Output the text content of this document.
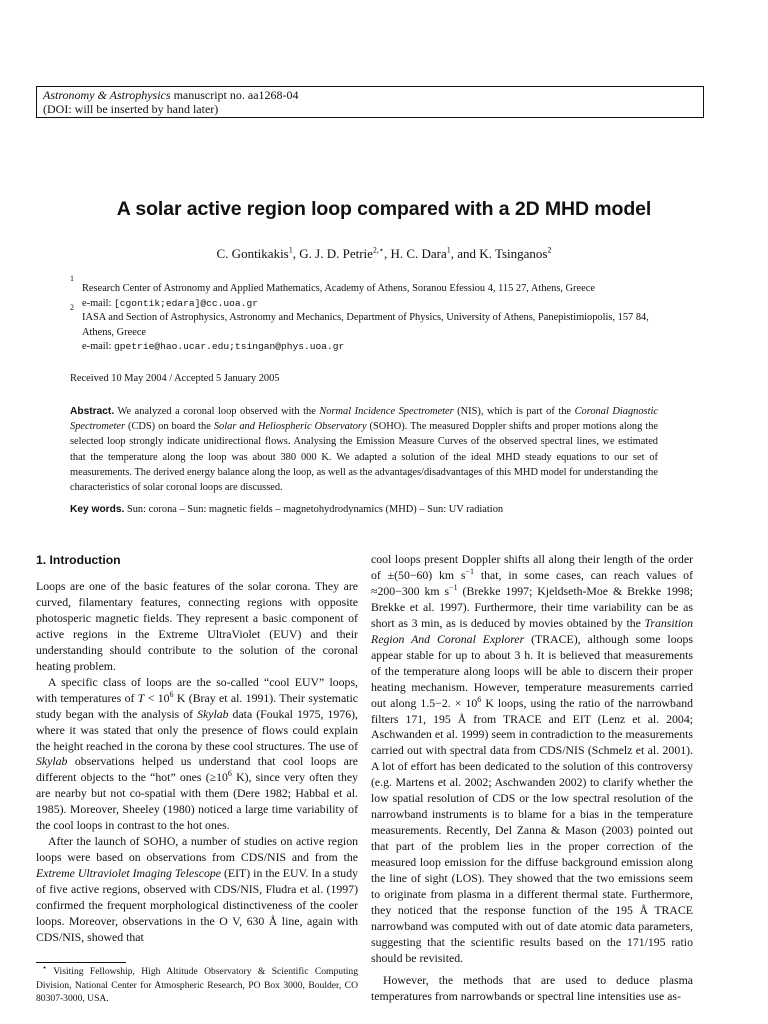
Astronomy & Astrophysics manuscript no. aa1268-04
(DOI: will be inserted by hand later)
A solar active region loop compared with a 2D MHD model
C. Gontikakis$^1$, G. J. D. Petrie$^{2,⋆}$, H. C. Dara$^1$, and K. Tsinganos$^2$
1
Research Center of Astronomy and Applied Mathematics, Academy of Athens, Soranou Efessiou 4, 115 27, Athens, Greece
e-mail: [cgontik;edara]@cc.uoa.gr
2
IASA and Section of Astrophysics, Astronomy and Mechanics, Department of Physics, University of Athens, Panepistimiopolis, 157 84, Athens, Greece
e-mail: gpetrie@hao.ucar.edu;tsingan@phys.uoa.gr
Received 10 May 2004 / Accepted 5 January 2005
Abstract. We analyzed a coronal loop observed with the Normal Incidence Spectrometer (NIS), which is part of the Coronal Diagnostic Spectrometer (CDS) on board the Solar and Heliospheric Observatory (SOHO). The measured Doppler shifts and proper motions along the selected loop strongly indicate unidirectional flows. Analysing the Emission Measure Curves of the observed spectral lines, we estimated that the temperature along the loop was about 380 000 K. We adapted a solution of the ideal MHD steady equations to our set of measurements. The derived energy balance along the loop, as well as the advantages/disadvantages of this MHD model for understanding the characteristics of solar coronal loops are discussed.
Key words. Sun: corona – Sun: magnetic fields – magnetohydrodynamics (MHD) – Sun: UV radiation
1. Introduction

Loops are one of the basic features of the solar corona. They are curved, filamentary features, connecting regions with opposite photosperic magnetic fields. They represent a basic component of active regions in the Extreme UltraViolet (EUV) and their understanding should contribute to the solution of the coronal heating problem.

A specific class of loops are the so-called “cool EUV” loops, with temperatures of $T < 10^6$ K (Bray et al. 1991). Their systematic study began with the analysis of Skylab data (Foukal 1975, 1976), where it was stated that only the presence of flows could explain the height reached in the corona by these cool structures. The use of Skylab observations helped us understand that cool loops are different objects to the “hot” ones ($\ge 10^6$ K), since very often they are nearby but not co-spatial with them (Dere 1982; Habbal et al. 1985). Moreover, Sheeley (1980) noticed a large time variability of the cool loops in contrast to the hot ones.

After the launch of SOHO, a number of studies on active region loops were based on observations from CDS/NIS and from the Extreme Ultraviolet Imaging Telescope (EIT) in the EUV. In a study of five active regions, observed with CDS/NIS, Fludra et al. (1997) confirmed the frequent morphological distinctiveness of the cooler loops. Moreover, observations in the O V, 630 Å line, again with CDS/NIS, showed that

⋆ Visiting Fellowship, High Altitude Observatory & Scientific Computing Division, National Center for Atmospheric Research, PO Box 3000, Boulder, CO 80307-3000, USA.

cool loops present Doppler shifts all along their length of the order of ±(50−60) km $s^{-1}$ that, in some cases, can reach values of ≈200−300 km $s^{-1}$ (Brekke 1997; Kjeldseth-Moe & Brekke 1998; Brekke et al. 1997). Furthermore, their time variability can be as short as 3 min, as is deduced by movies obtained by the Transition Region And Coronal Explorer (TRACE), although some loops appear stable for up to about 3 h. It is believed that measurements of the temperature along loops will be able to discern their proper heating mechanism. However, temperature measurements carried out along 1.5−2. × $10^6$ K loops, using the ratio of the narrowband filters 171, 195 Å from TRACE and EIT (Lenz et al. 2004; Aschwanden et al. 1999) seem in contradiction to the measurements carried out with spectral data from CDS/NIS (Schmelz et al. 2001). A lot of effort has been dedicated to the solution of this controversy (e.g. Martens et al. 2002; Aschwanden 2002) to clarify whether the low spatial resolution of CDS or the low spectral resolution of the narrowband instruments is to blame for a bias in the temperature measurements. Recently, Del Zanna & Mason (2003) pointed out that part of the problem lies in the proper correction of the measured loop emission for the diffuse background emission along the line of sight (LOS). They showed that the two emissions seem to originate from plasma in a different thermal state. Furthermore, they noticed that the response function of the 195 Å TRACE narrowband was computed with out of date atomic data parameters, suggesting that the scientific results based on the 171/195 ratio should be revisited.

However, the methods that are used to deduce plasma temperatures from narrowbands or spectral line intensities use as-
